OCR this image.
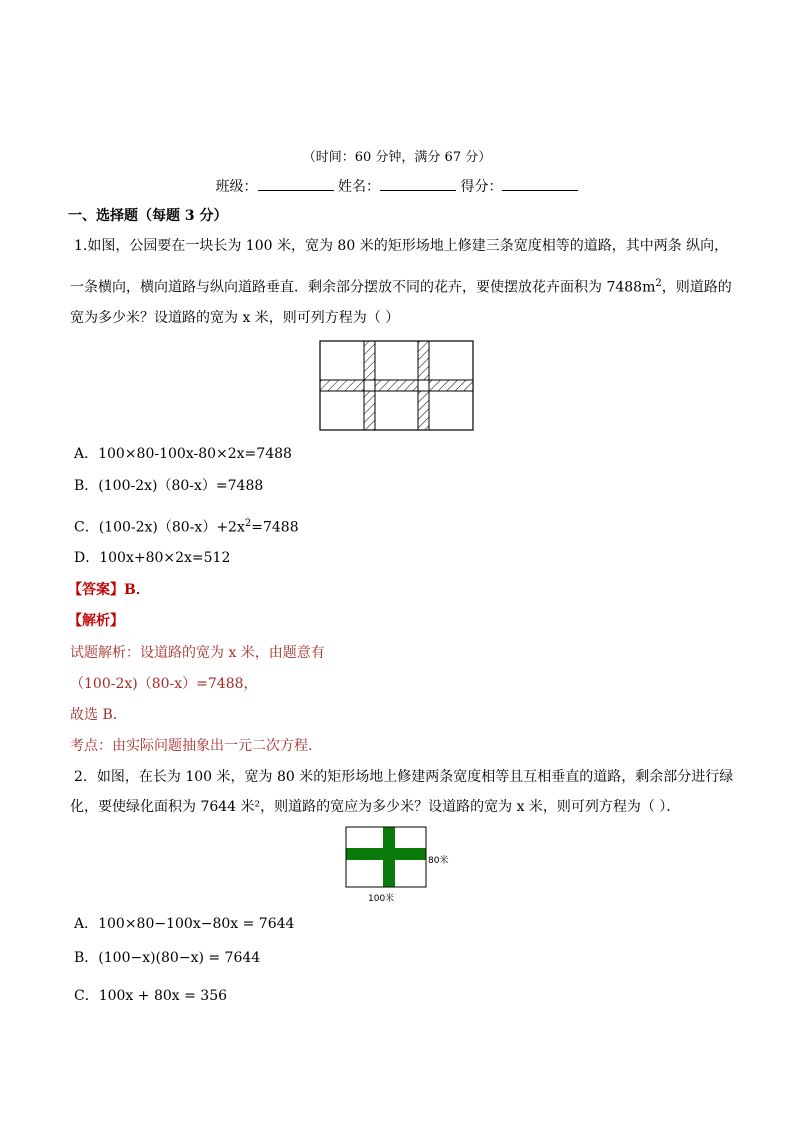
（时间：60 分钟，满分 67 分）
班级：	姓名：	得分：
一、选择题（每题 3 分）
1.如图，公园要在一块长为 100 米，宽为 80 米的矩形场地上修建三条宽度相等的道路，其中两条 纵向，
一条横向，横向道路与纵向道路垂直．剩余部分摆放不同的花卉，要使摆放花卉面积为 $7488m^2$，则道路的
宽为多少米？设道路的宽为 x 米，则可列方程为（ ）
A．100×80-100x-80×2x=7488
B．(100-2x)（80-x）=7488
C．$(100-2x)(80-x)+2x^2=7488$
D．100x+80×2x=512
【答案】B．
【解析】
试题解析：设道路的宽为 x 米，由题意有
（100-2x)（80-x）=7488，
故选 B．
考点：由实际问题抽象出一元二次方程．
2．如图，在长为 100 米，宽为 80 米的矩形场地上修建两条宽度相等且互相垂直的道路，剩余部分进行绿
化，要使绿化面积为 7644 米²，则道路的宽应为多少米？设道路的宽为 x 米，则可列方程为（ ）．
80米
100米
A．100×80−100x−80x = 7644
B．(100−x)(80−x) = 7644
C．100x + 80x = 356
